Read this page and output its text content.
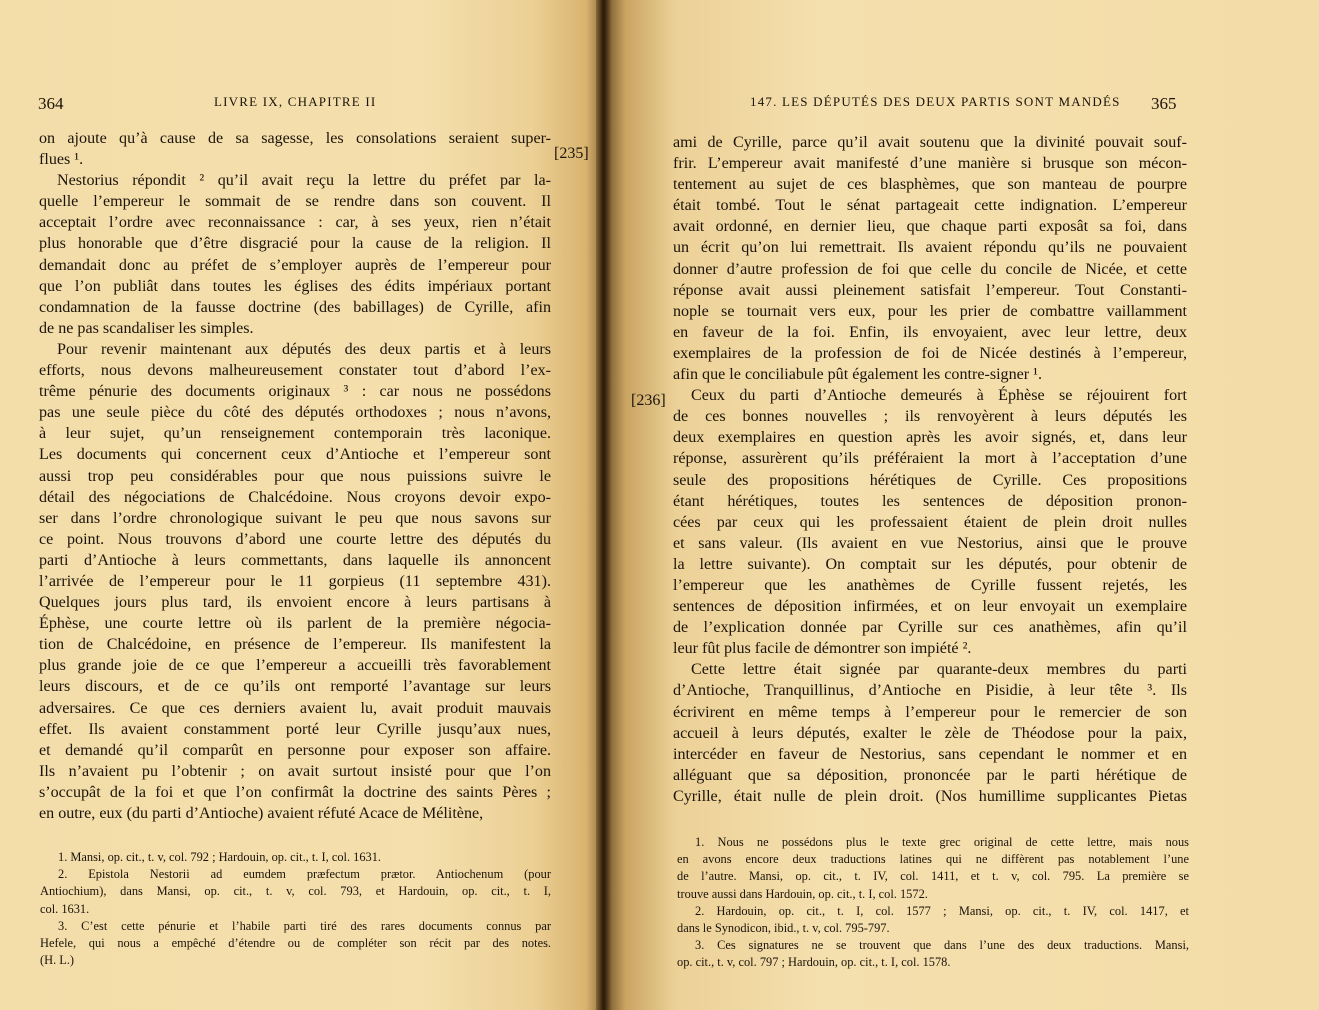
364	LIVRE IX, CHAPITRE II
on ajoute qu’à cause de sa sagesse, les consolations seraient super-
flues ¹.
Nestorius répondit ² qu’il avait reçu la lettre du préfet par la-
quelle l’empereur le sommait de se rendre dans son couvent. Il
acceptait l’ordre avec reconnaissance : car, à ses yeux, rien n’était
plus honorable que d’être disgracié pour la cause de la religion. Il
demandait donc au préfet de s’employer auprès de l’empereur pour
que l’on publiât dans toutes les églises des édits impériaux portant
condamnation de la fausse doctrine (des babillages) de Cyrille, afin
de ne pas scandaliser les simples.
Pour revenir maintenant aux députés des deux partis et à leurs
efforts, nous devons malheureusement constater tout d’abord l’ex-
trême pénurie des documents originaux ³ : car nous ne possédons
pas une seule pièce du côté des députés orthodoxes ; nous n’avons,
à leur sujet, qu’un renseignement contemporain très laconique.
Les documents qui concernent ceux d’Antioche et l’empereur sont
aussi trop peu considérables pour que nous puissions suivre le
détail des négociations de Chalcédoine. Nous croyons devoir expo-
ser dans l’ordre chronologique suivant le peu que nous savons sur
ce point. Nous trouvons d’abord une courte lettre des députés du
parti d’Antioche à leurs commettants, dans laquelle ils annoncent
l’arrivée de l’empereur pour le 11 gorpieus (11 septembre 431).
Quelques jours plus tard, ils envoient encore à leurs partisans à
Éphèse, une courte lettre où ils parlent de la première négocia-
tion de Chalcédoine, en présence de l’empereur. Ils manifestent la
plus grande joie de ce que l’empereur a accueilli très favorablement
leurs discours, et de ce qu’ils ont remporté l’avantage sur leurs
adversaires. Ce que ces derniers avaient lu, avait produit mauvais
effet. Ils avaient constamment porté leur Cyrille jusqu’aux nues,
et demandé qu’il comparût en personne pour exposer son affaire.
Ils n’avaient pu l’obtenir ; on avait surtout insisté pour que l’on
s’occupât de la foi et que l’on confirmât la doctrine des saints Pères ;
en outre, eux (du parti d’Antioche) avaient réfuté Acace de Mélitène,
1. Mansi, op. cit., t. v, col. 792 ; Hardouin, op. cit., t. I, col. 1631.
2. Epistola Nestorii ad eumdem præfectum prætor. Antiochenum (pour
Antiochium), dans Mansi, op. cit., t. v, col. 793, et Hardouin, op. cit., t. I,
col. 1631.
3. C’est cette pénurie et l’habile parti tiré des rares documents connus par
Hefele, qui nous a empêché d’étendre ou de compléter son récit par des notes.
(H. L.)
147. LES DÉPUTÉS DES DEUX PARTIS SONT MANDÉS 365
ami de Cyrille, parce qu’il avait soutenu que la divinité pouvait souf-
frir. L’empereur avait manifesté d’une manière si brusque son mécon-
tentement au sujet de ces blasphèmes, que son manteau de pourpre
était tombé. Tout le sénat partageait cette indignation. L’empereur
avait ordonné, en dernier lieu, que chaque parti exposât sa foi, dans
un écrit qu’on lui remettrait. Ils avaient répondu qu’ils ne pouvaient
donner d’autre profession de foi que celle du concile de Nicée, et cette
réponse avait aussi pleinement satisfait l’empereur. Tout Constanti-
nople se tournait vers eux, pour les prier de combattre vaillamment
en faveur de la foi. Enfin, ils envoyaient, avec leur lettre, deux
exemplaires de la profession de foi de Nicée destinés à l’empereur,
afin que le conciliabule pût également les contre-signer ¹.
Ceux du parti d’Antioche demeurés à Éphèse se réjouirent fort
de ces bonnes nouvelles ; ils renvoyèrent à leurs députés les
deux exemplaires en question après les avoir signés, et, dans leur
réponse, assurèrent qu’ils préféraient la mort à l’acceptation d’une
seule des propositions hérétiques de Cyrille. Ces propositions
étant hérétiques, toutes les sentences de déposition pronon-
cées par ceux qui les professaient étaient de plein droit nulles
et sans valeur. (Ils avaient en vue Nestorius, ainsi que le prouve
la lettre suivante). On comptait sur les députés, pour obtenir de
l’empereur que les anathèmes de Cyrille fussent rejetés, les
sentences de déposition infirmées, et on leur envoyait un exemplaire
de l’explication donnée par Cyrille sur ces anathèmes, afin qu’il
leur fût plus facile de démontrer son impiété ².
Cette lettre était signée par quarante-deux membres du parti
d’Antioche, Tranquillinus, d’Antioche en Pisidie, à leur tête ³. Ils
écrivirent en même temps à l’empereur pour le remercier de son
accueil à leurs députés, exalter le zèle de Théodose pour la paix,
intercéder en faveur de Nestorius, sans cependant le nommer et en
alléguant que sa déposition, prononcée par le parti hérétique de
Cyrille, était nulle de plein droit. (Nos humillime supplicantes Pietas
1. Nous ne possédons plus le texte grec original de cette lettre, mais nous
en avons encore deux traductions latines qui ne diffèrent pas notablement l’une
de l’autre. Mansi, op. cit., t. IV, col. 1411, et t. v, col. 795. La première se
trouve aussi dans Hardouin, op. cit., t. I, col. 1572.
2. Hardouin, op. cit., t. I, col. 1577 ; Mansi, op. cit., t. IV, col. 1417, et
dans le Synodicon, ibid., t. v, col. 795-797.
3. Ces signatures ne se trouvent que dans l’une des deux traductions. Mansi,
op. cit., t. v, col. 797 ; Hardouin, op. cit., t. I, col. 1578.
[236]
[235]
